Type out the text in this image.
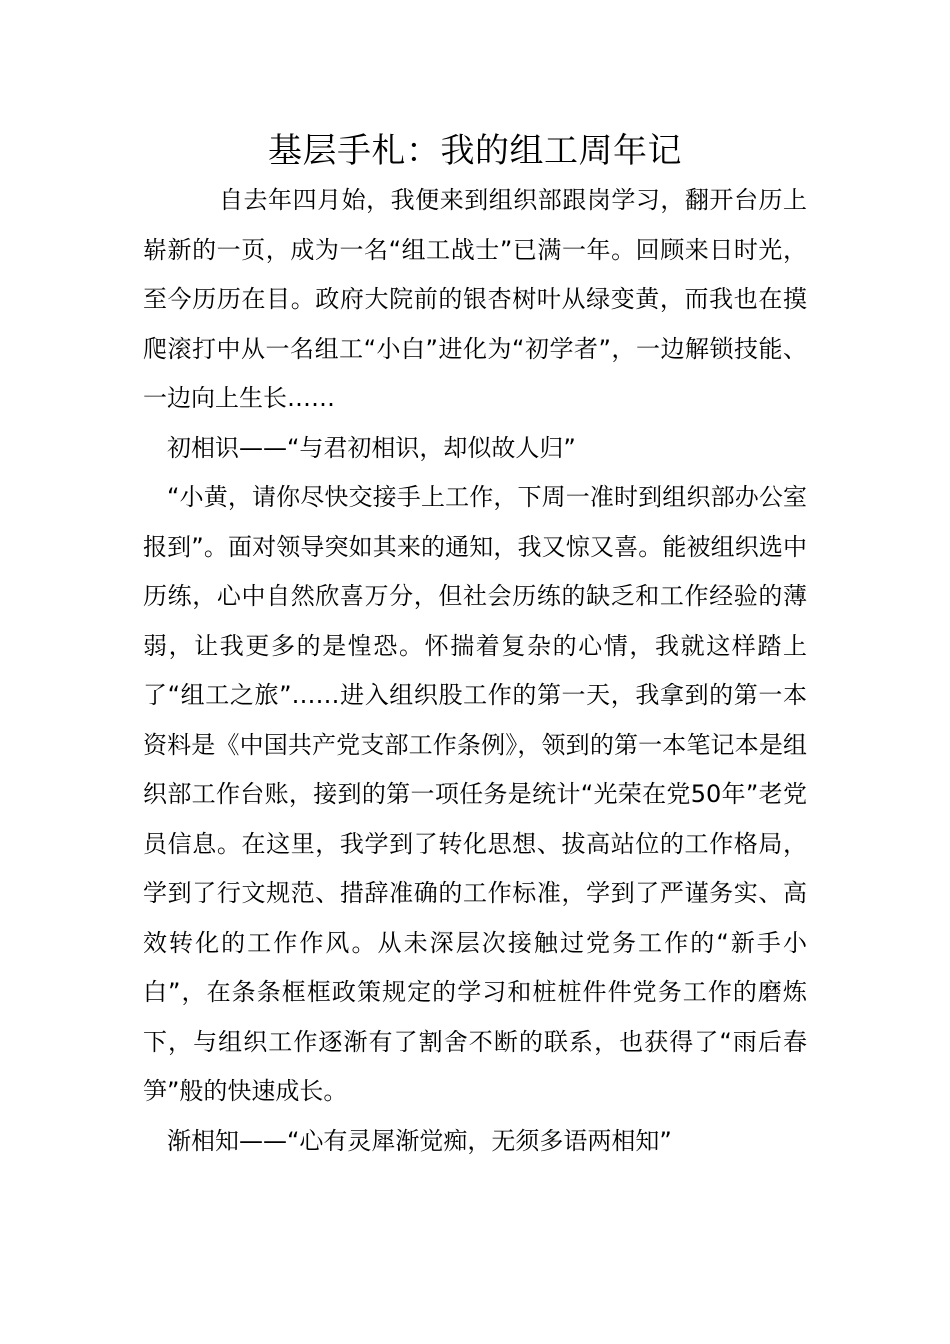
基层手札：我的组工周年记

自去年四月始，我便来到组织部跟岗学习，翻开台历上崭新的一页，成为一名“组工战士”已满一年。回顾来日时光，至今历历在目。政府大院前的银杏树叶从绿变黄，而我也在摸爬滚打中从一名组工“小白”进化为“初学者”，一边解锁技能、一边向上生长……

初相识——“与君初相识，却似故人归”

“小黄，请你尽快交接手上工作，下周一准时到组织部办公室报到”。面对领导突如其来的通知，我又惊又喜。能被组织选中历练，心中自然欣喜万分，但社会历练的缺乏和工作经验的薄弱，让我更多的是惶恐。怀揣着复杂的心情，我就这样踏上了“组工之旅”……进入组织股工作的第一天，我拿到的第一本资料是《中国共产党支部工作条例》，领到的第一本笔记本是组织部工作台账，接到的第一项任务是统计“光荣在党50年”老党员信息。在这里，我学到了转化思想、拔高站位的工作格局，学到了行文规范、措辞准确的工作标准，学到了严谨务实、高效转化的工作作风。从未深层次接触过党务工作的“新手小白”，在条条框框政策规定的学习和桩桩件件党务工作的磨炼下，与组织工作逐渐有了割舍不断的联系，也获得了“雨后春笋”般的快速成长。

渐相知——“心有灵犀渐觉痴，无须多语两相知”
